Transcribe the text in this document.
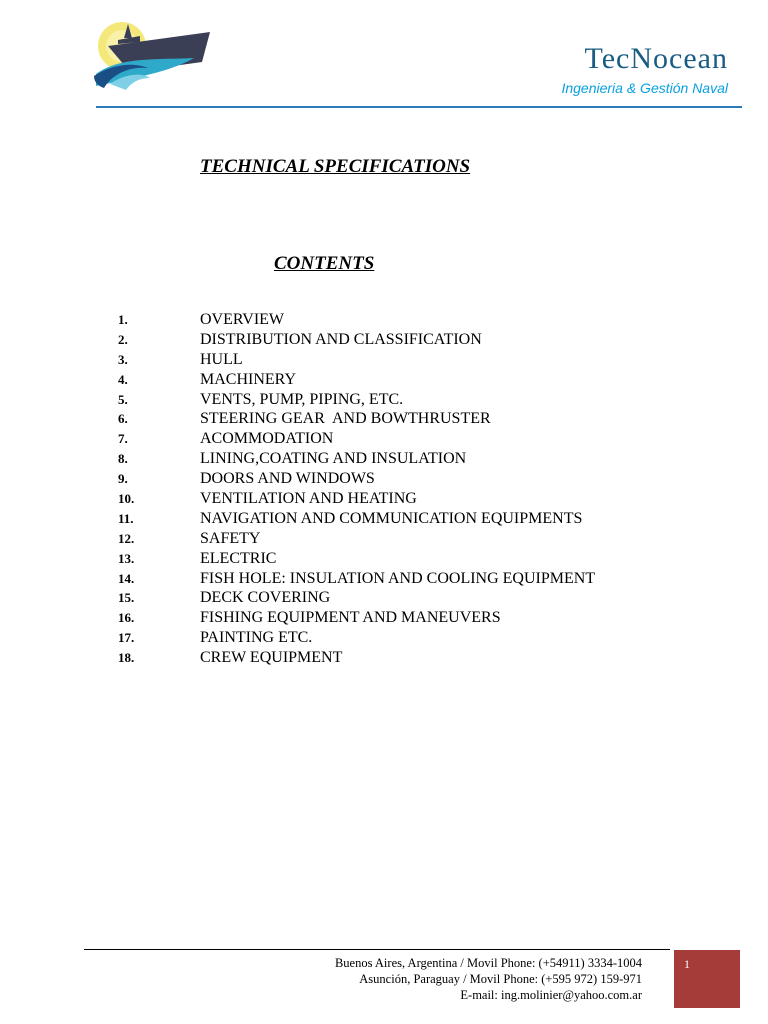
TecNocean
Ingenieria & Gestión Naval
TECHNICAL SPECIFICATIONS
CONTENTS
1.	OVERVIEW
2.	DISTRIBUTION AND CLASSIFICATION
3.	HULL
4.	MACHINERY
5.	VENTS, PUMP, PIPING, ETC.
6.	STEERING GEAR  AND BOWTHRUSTER
7.	ACOMMODATION
8.	LINING,COATING AND INSULATION
9.	DOORS AND WINDOWS
10.	VENTILATION AND HEATING
11.	NAVIGATION AND COMMUNICATION EQUIPMENTS
12.	SAFETY
13.	ELECTRIC
14.	FISH HOLE: INSULATION AND COOLING EQUIPMENT
15.	DECK COVERING
16.	FISHING EQUIPMENT AND MANEUVERS
17.	PAINTING ETC.
18.	CREW EQUIPMENT
Buenos Aires, Argentina / Movil Phone: (+54911) 3334-1004
Asunción, Paraguay / Movil Phone: (+595 972) 159-971
E-mail: ing.molinier@yahoo.com.ar
1
